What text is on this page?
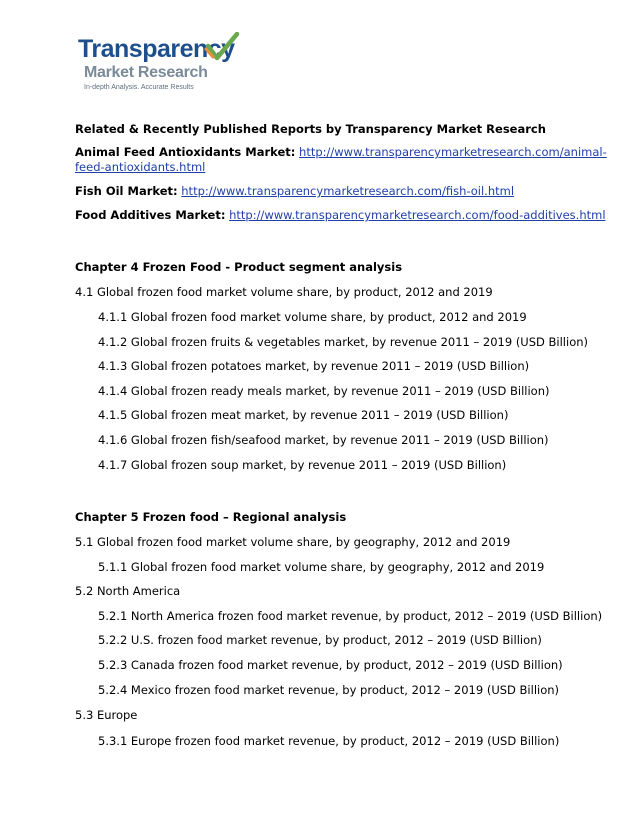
Transparency
Market Research
In-depth Analysis. Accurate Results
Related & Recently Published Reports by Transparency Market Research
Animal Feed Antioxidants Market: http://www.transparencymarketresearch.com/animal-
feed-antioxidants.html
Fish Oil Market: http://www.transparencymarketresearch.com/fish-oil.html
Food Additives Market: http://www.transparencymarketresearch.com/food-additives.html
Chapter 4 Frozen Food - Product segment analysis
4.1 Global frozen food market volume share, by product, 2012 and 2019
4.1.1 Global frozen food market volume share, by product, 2012 and 2019
4.1.2 Global frozen fruits & vegetables market, by revenue 2011 – 2019 (USD Billion)
4.1.3 Global frozen potatoes market, by revenue 2011 – 2019 (USD Billion)
4.1.4 Global frozen ready meals market, by revenue 2011 – 2019 (USD Billion)
4.1.5 Global frozen meat market, by revenue 2011 – 2019 (USD Billion)
4.1.6 Global frozen fish/seafood market, by revenue 2011 – 2019 (USD Billion)
4.1.7 Global frozen soup market, by revenue 2011 – 2019 (USD Billion)
Chapter 5 Frozen food – Regional analysis
5.1 Global frozen food market volume share, by geography, 2012 and 2019
5.1.1 Global frozen food market volume share, by geography, 2012 and 2019
5.2 North America
5.2.1 North America frozen food market revenue, by product, 2012 – 2019 (USD Billion)
5.2.2 U.S. frozen food market revenue, by product, 2012 – 2019 (USD Billion)
5.2.3 Canada frozen food market revenue, by product, 2012 – 2019 (USD Billion)
5.2.4 Mexico frozen food market revenue, by product, 2012 – 2019 (USD Billion)
5.3 Europe
5.3.1 Europe frozen food market revenue, by product, 2012 – 2019 (USD Billion)
